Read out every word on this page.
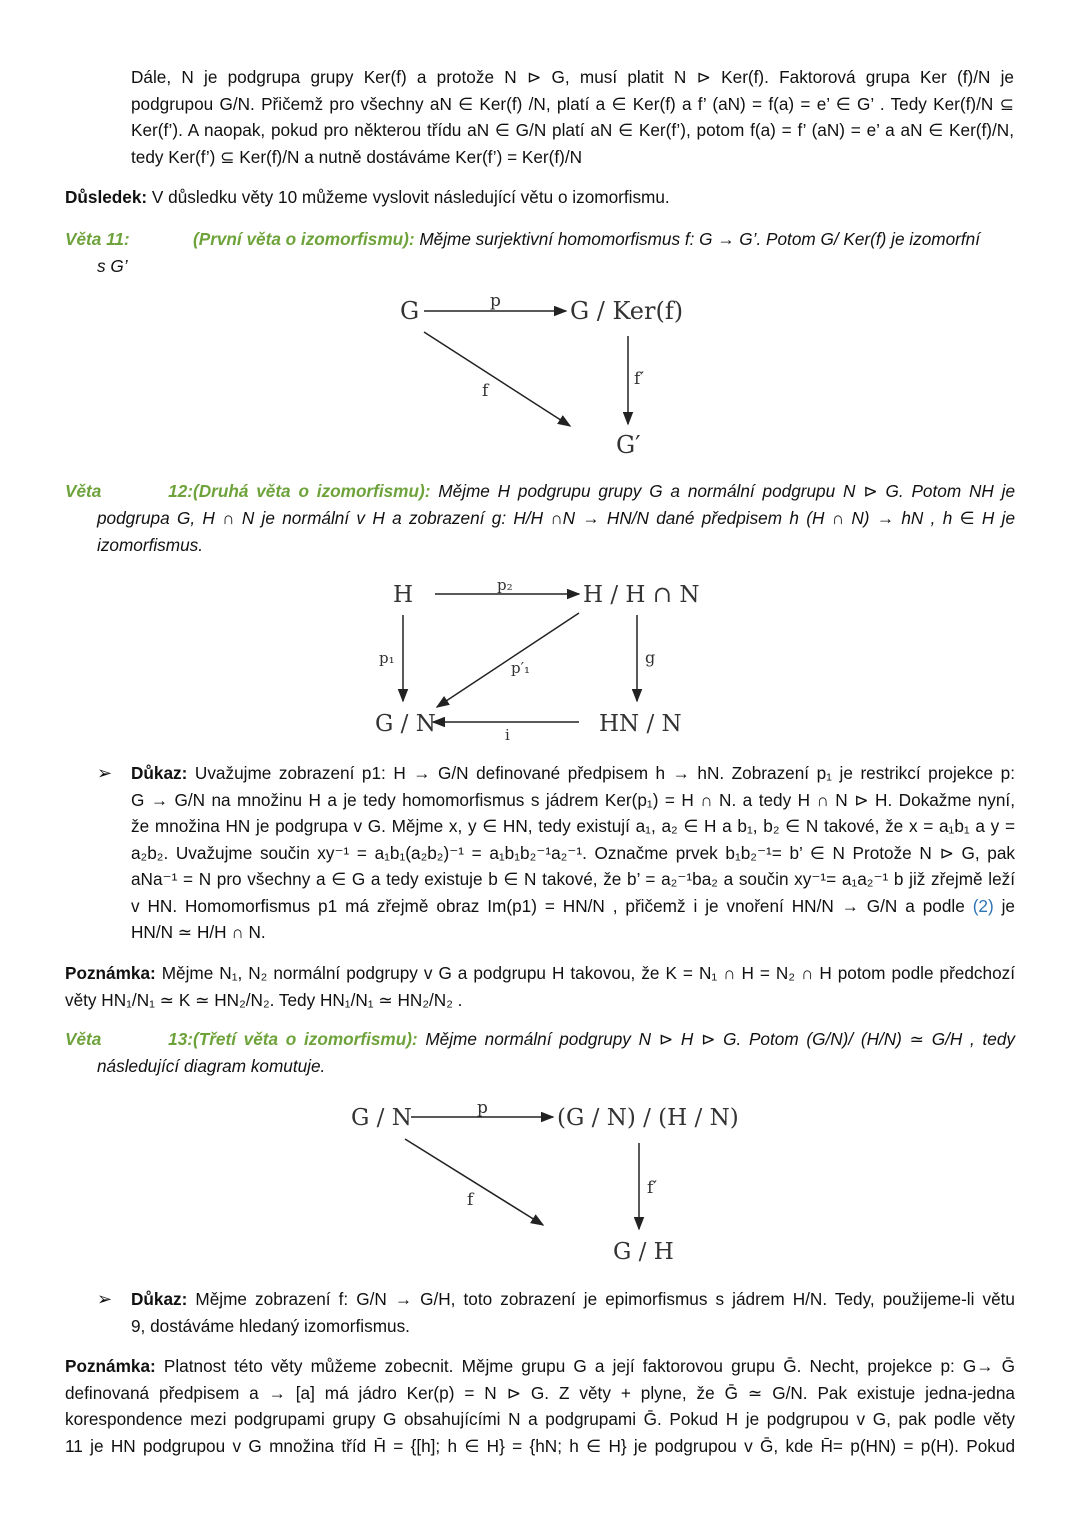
Dále, N je podgrupa grupy Ker(f) a protože N ⊳ G, musí platit N ⊳ Ker(f). Faktorová grupa Ker (f)/N je
podgrupou G/N. Přičemž pro všechny aN ∈ Ker(f) /N, platí a ∈ Ker(f) a f’ (aN) = f(a) = e’ ∈ G’ . Tedy Ker(f)/N ⊆
Ker(f’). A naopak, pokud pro některou třídu aN ∈ G/N platí aN ∈ Ker(f’), potom f(a) = f’ (aN) = e’ a aN ∈ Ker(f)/N,
tedy Ker(f’) ⊆ Ker(f)/N a nutně dostáváme Ker(f’) = Ker(f)/N
Důsledek: V důsledku věty 10 můžeme vyslovit následující větu o izomorfismu.
Věta 11:	(První věta o izomorfismu): Mějme surjektivní homomorfismus f: G → G’. Potom G/ Ker(f) je izomorfní
s G’
G	p	G / Ker(f)
f
f′
G′
Věta 12:(Druhá věta o izomorfismu): Mějme H podgrupu grupy G a normální podgrupu N ⊳ G. Potom NH je
podgrupa G, H ∩ N je normální v H a zobrazení g: H/H ∩N → HN/N dané předpisem h (H ∩ N) → hN , h ∈ H je
izomorfismus.
H	p₂	H / H ∩ N
p₁
p′₁
g
G / N	i	HN / N
➢ Důkaz: Uvažujme zobrazení p1: H → G/N definované předpisem h → hN. Zobrazení p₁ je restrikcí projekce p:
G → G/N na množinu H a je tedy homomorfismus s jádrem Ker(p₁) = H ∩ N. a tedy H ∩ N ⊳ H. Dokažme nyní,
že množina HN je podgrupa v G. Mějme x, y ∈ HN, tedy existují a₁, a₂ ∈ H a b₁, b₂ ∈ N takové, že x = a₁b₁ a y =
a₂b₂. Uvažujme součin xy⁻¹ = a₁b₁(a₂b₂)⁻¹ = a₁b₁b₂⁻¹a₂⁻¹. Označme prvek b₁b₂⁻¹= b’ ∈ N Protože N ⊳ G, pak
aNa⁻¹ = N pro všechny a ∈ G a tedy existuje b ∈ N takové, že b’ = a₂⁻¹ba₂ a součin xy⁻¹= a₁a₂⁻¹ b již zřejmě leží
v HN. Homomorfismus p1 má zřejmě obraz Im(p1) = HN/N , přičemž i je vnoření HN/N → G/N a podle (2) je
HN/N ≃ H/H ∩ N.
Poznámka: Mějme N₁, N₂ normální podgrupy v G a podgrupu H takovou, že K = N₁ ∩ H = N₂ ∩ H potom podle předchozí
věty HN₁/N₁ ≃ K ≃ HN₂/N₂. Tedy HN₁/N₁ ≃ HN₂/N₂ .
Věta 13:(Třetí věta o izomorfismu): Mějme normální podgrupy N ⊳ H ⊳ G. Potom (G/N)/ (H/N) ≃ G/H , tedy
následující diagram komutuje.
G / N	p	(G / N) / (H / N)
f
f′
G / H
➢ Důkaz: Mějme zobrazení f: G/N → G/H, toto zobrazení je epimorfismus s jádrem H/N. Tedy, použijeme-li větu
9, dostáváme hledaný izomorfismus.
Poznámka: Platnost této věty můžeme zobecnit. Mějme grupu G a její faktorovou grupu Ḡ. Necht, projekce p: G→ Ḡ
definovaná předpisem a → [a] má jádro Ker(p) = N ⊳ G. Z věty + plyne, že Ḡ ≃ G/N. Pak existuje jedna-jedna
korespondence mezi podgrupami grupy G obsahujícími N a podgrupami Ḡ. Pokud H je podgrupou v G, pak podle věty
11 je HN podgrupou v G množina tříd H̄ = {[h]; h ∈ H} = {hN; h ∈ H} je podgrupou v Ḡ, kde H̄= p(HN) = p(H). Pokud
